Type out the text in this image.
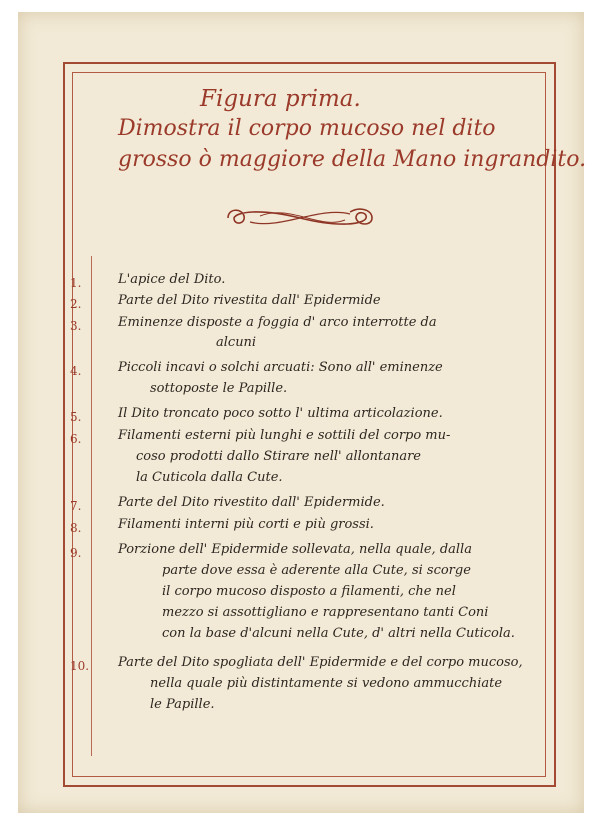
Figura prima.
Dimostra il corpo mucoso nel dito
grosso ò maggiore della Mano ingrandito.
1.	L'apice del Dito.
2.	Parte del Dito rivestita dall' Epidermide
3.	Eminenze disposte a foggia d' arco interrotte da
alcuni
4.	Piccoli incavi o solchi arcuati: Sono all' eminenze
sottoposte le Papille.
5.	Il Dito troncato poco sotto l' ultima articolazione.
6.	Filamenti esterni più lunghi e sottili del corpo mu-
coso prodotti dallo Stirare nell' allontanare
la Cuticola dalla Cute.
7.	Parte del Dito rivestito dall' Epidermide.
8.	Filamenti interni più corti e più grossi.
9.	Porzione dell' Epidermide sollevata, nella quale, dalla
parte dove essa è aderente alla Cute, si scorge
il corpo mucoso disposto a filamenti, che nel
mezzo si assottigliano e rappresentano tanti Coni
con la base d'alcuni nella Cute, d' altri nella Cuticola.
10. Parte del Dito spogliata dell' Epidermide e del corpo mucoso,
nella quale più distintamente si vedono ammucchiate
le Papille.
